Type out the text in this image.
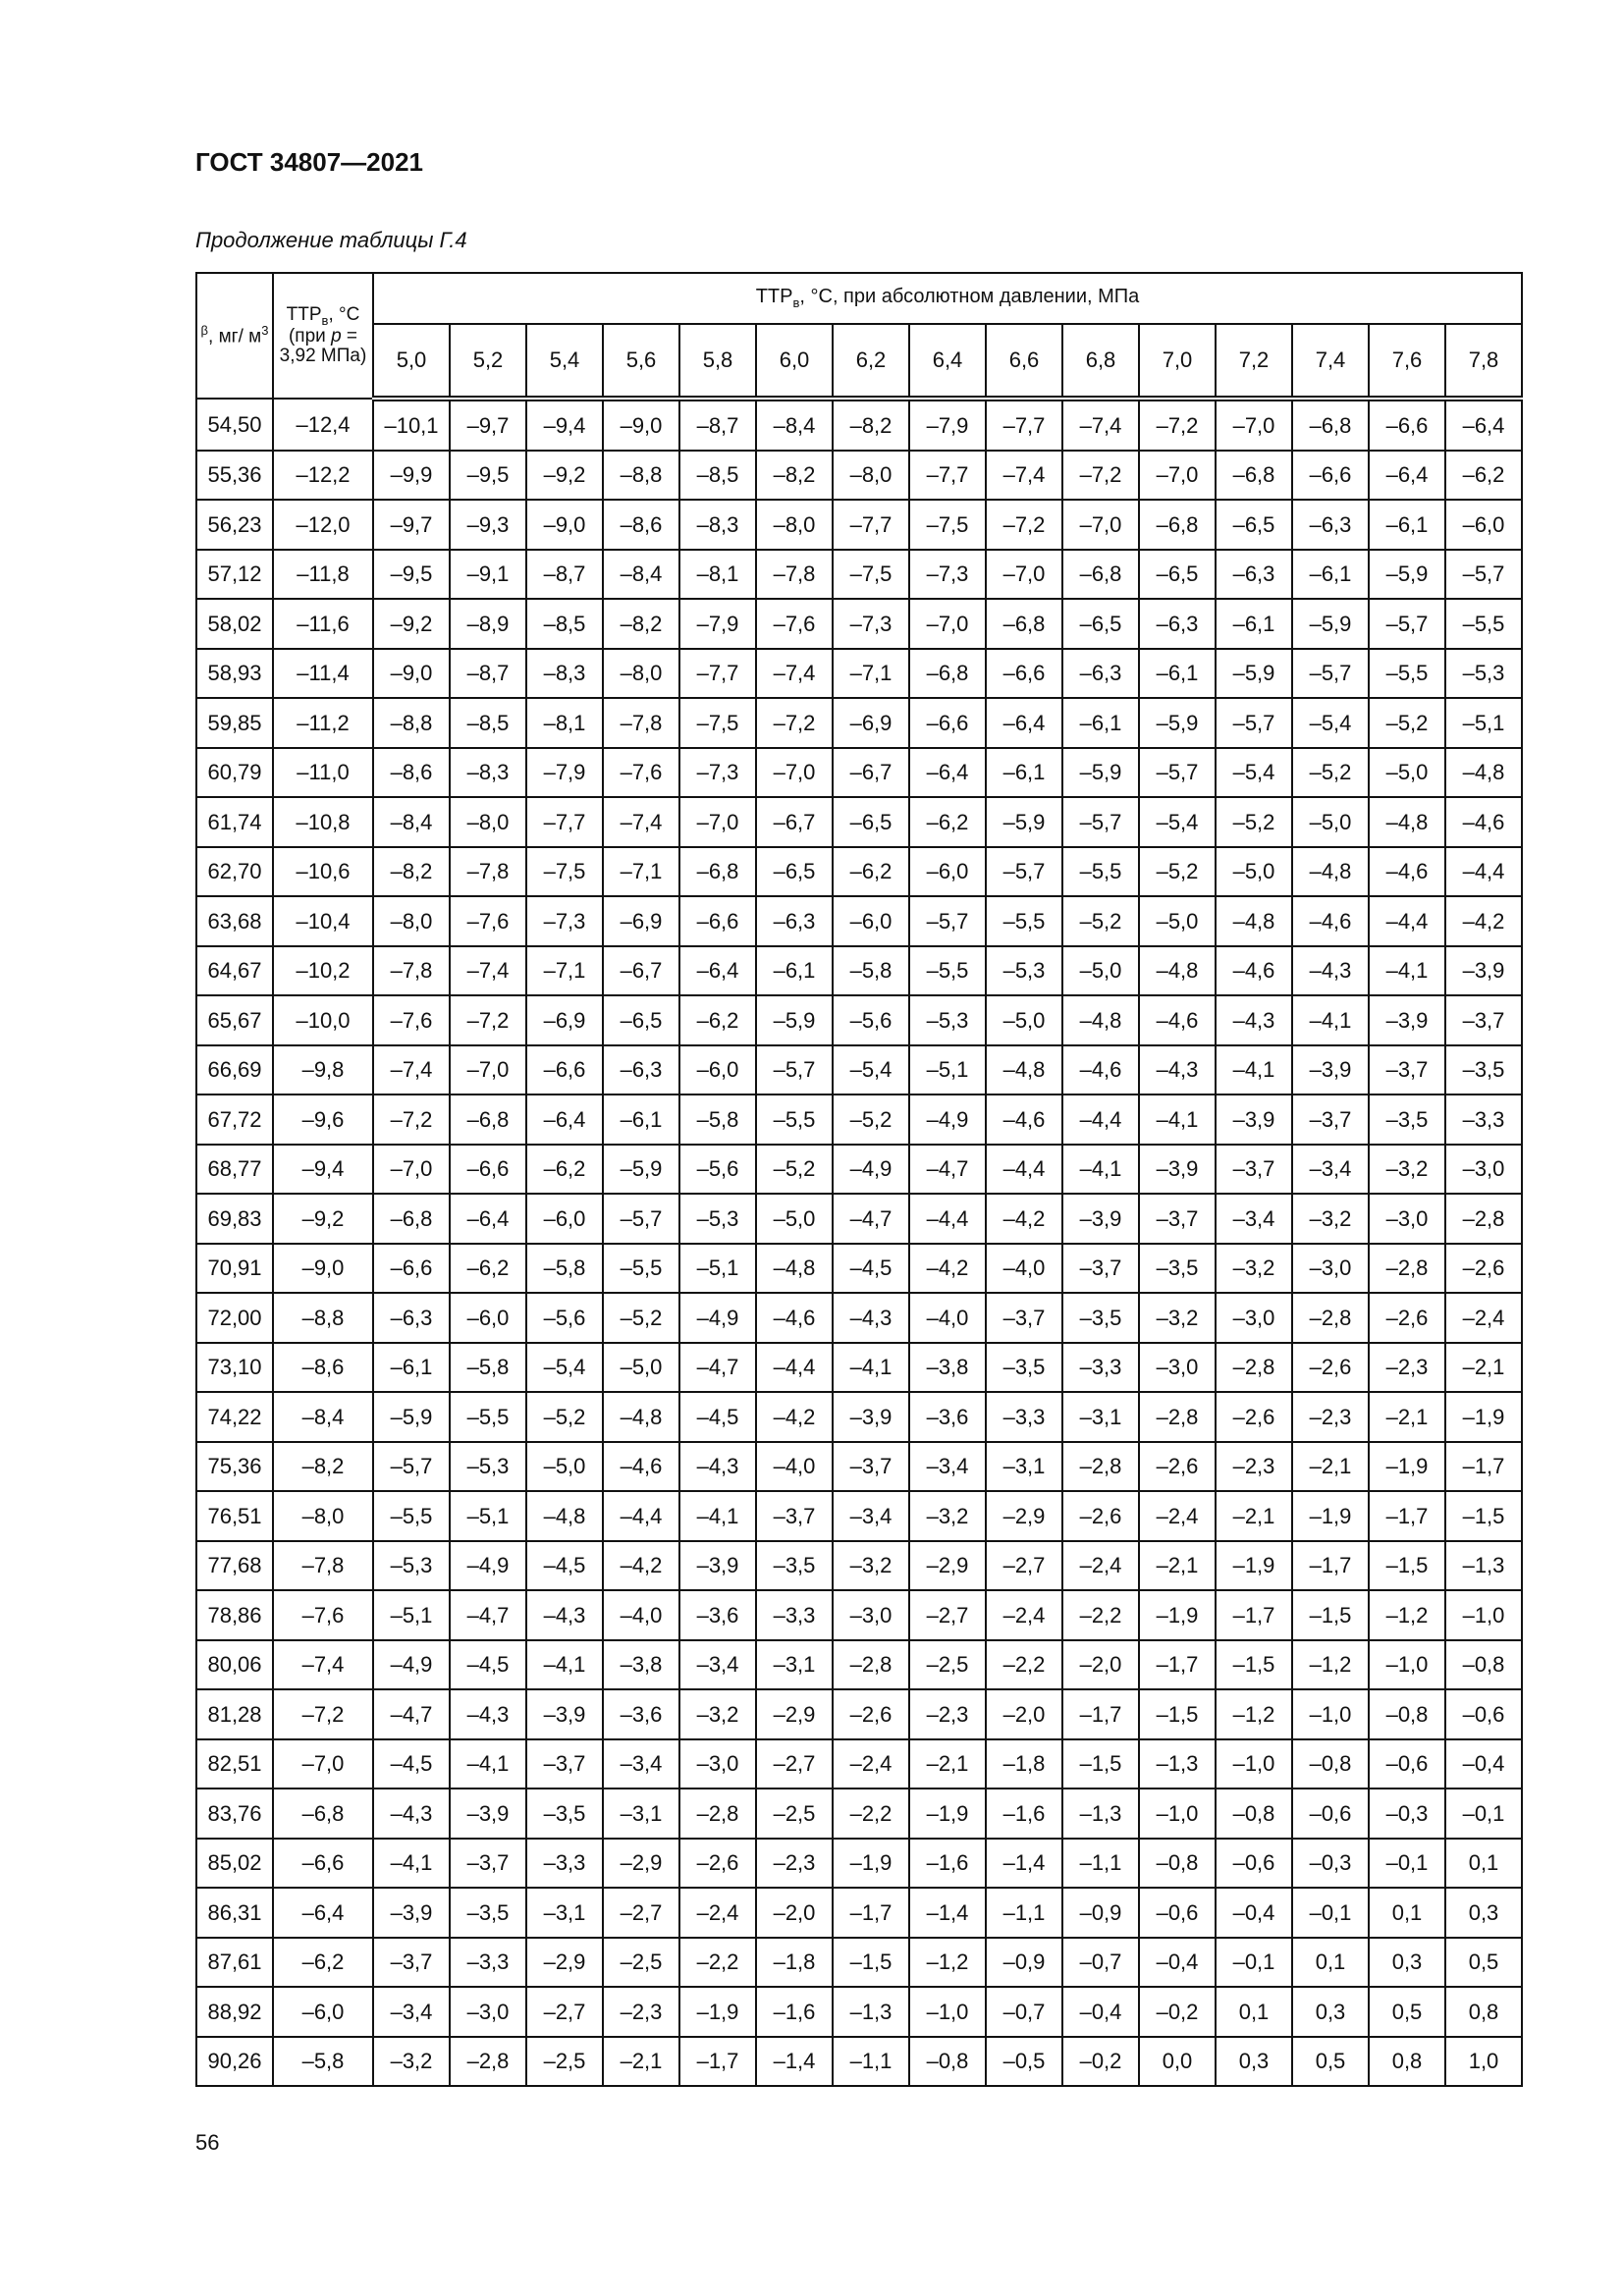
ГОСТ 34807—2021
Продолжение таблицы Г.4
$^\beta$, мг/ $м^3$	$ТТР_в$, °С (при p = 3,92 МПа)	$ТТР_в$, °С, при абсолютном давлении, МПа														
		5,0	5,2	5,4	5,6	5,8	6,0	6,2	6,4	6,6	6,8	7,0	7,2	7,4	7,6	7,8
54,50	–12,4	–10,1	–9,7	–9,4	–9,0	–8,7	–8,4	–8,2	–7,9	–7,7	–7,4	–7,2	–7,0	–6,8	–6,6	–6,4
55,36	–12,2	–9,9	–9,5	–9,2	–8,8	–8,5	–8,2	–8,0	–7,7	–7,4	–7,2	–7,0	–6,8	–6,6	–6,4	–6,2
56,23	–12,0	–9,7	–9,3	–9,0	–8,6	–8,3	–8,0	–7,7	–7,5	–7,2	–7,0	–6,8	–6,5	–6,3	–6,1	–6,0
57,12	–11,8	–9,5	–9,1	–8,7	–8,4	–8,1	–7,8	–7,5	–7,3	–7,0	–6,8	–6,5	–6,3	–6,1	–5,9	–5,7
58,02	–11,6	–9,2	–8,9	–8,5	–8,2	–7,9	–7,6	–7,3	–7,0	–6,8	–6,5	–6,3	–6,1	–5,9	–5,7	–5,5
58,93	–11,4	–9,0	–8,7	–8,3	–8,0	–7,7	–7,4	–7,1	–6,8	–6,6	–6,3	–6,1	–5,9	–5,7	–5,5	–5,3
59,85	–11,2	–8,8	–8,5	–8,1	–7,8	–7,5	–7,2	–6,9	–6,6	–6,4	–6,1	–5,9	–5,7	–5,4	–5,2	–5,1
60,79	–11,0	–8,6	–8,3	–7,9	–7,6	–7,3	–7,0	–6,7	–6,4	–6,1	–5,9	–5,7	–5,4	–5,2	–5,0	–4,8
61,74	–10,8	–8,4	–8,0	–7,7	–7,4	–7,0	–6,7	–6,5	–6,2	–5,9	–5,7	–5,4	–5,2	–5,0	–4,8	–4,6
62,70	–10,6	–8,2	–7,8	–7,5	–7,1	–6,8	–6,5	–6,2	–6,0	–5,7	–5,5	–5,2	–5,0	–4,8	–4,6	–4,4
63,68	–10,4	–8,0	–7,6	–7,3	–6,9	–6,6	–6,3	–6,0	–5,7	–5,5	–5,2	–5,0	–4,8	–4,6	–4,4	–4,2
64,67	–10,2	–7,8	–7,4	–7,1	–6,7	–6,4	–6,1	–5,8	–5,5	–5,3	–5,0	–4,8	–4,6	–4,3	–4,1	–3,9
65,67	–10,0	–7,6	–7,2	–6,9	–6,5	–6,2	–5,9	–5,6	–5,3	–5,0	–4,8	–4,6	–4,3	–4,1	–3,9	–3,7
66,69	–9,8	–7,4	–7,0	–6,6	–6,3	–6,0	–5,7	–5,4	–5,1	–4,8	–4,6	–4,3	–4,1	–3,9	–3,7	–3,5
67,72	–9,6	–7,2	–6,8	–6,4	–6,1	–5,8	–5,5	–5,2	–4,9	–4,6	–4,4	–4,1	–3,9	–3,7	–3,5	–3,3
68,77	–9,4	–7,0	–6,6	–6,2	–5,9	–5,6	–5,2	–4,9	–4,7	–4,4	–4,1	–3,9	–3,7	–3,4	–3,2	–3,0
69,83	–9,2	–6,8	–6,4	–6,0	–5,7	–5,3	–5,0	–4,7	–4,4	–4,2	–3,9	–3,7	–3,4	–3,2	–3,0	–2,8
70,91	–9,0	–6,6	–6,2	–5,8	–5,5	–5,1	–4,8	–4,5	–4,2	–4,0	–3,7	–3,5	–3,2	–3,0	–2,8	–2,6
72,00	–8,8	–6,3	–6,0	–5,6	–5,2	–4,9	–4,6	–4,3	–4,0	–3,7	–3,5	–3,2	–3,0	–2,8	–2,6	–2,4
73,10	–8,6	–6,1	–5,8	–5,4	–5,0	–4,7	–4,4	–4,1	–3,8	–3,5	–3,3	–3,0	–2,8	–2,6	–2,3	–2,1
74,22	–8,4	–5,9	–5,5	–5,2	–4,8	–4,5	–4,2	–3,9	–3,6	–3,3	–3,1	–2,8	–2,6	–2,3	–2,1	–1,9
75,36	–8,2	–5,7	–5,3	–5,0	–4,6	–4,3	–4,0	–3,7	–3,4	–3,1	–2,8	–2,6	–2,3	–2,1	–1,9	–1,7
76,51	–8,0	–5,5	–5,1	–4,8	–4,4	–4,1	–3,7	–3,4	–3,2	–2,9	–2,6	–2,4	–2,1	–1,9	–1,7	–1,5
77,68	–7,8	–5,3	–4,9	–4,5	–4,2	–3,9	–3,5	–3,2	–2,9	–2,7	–2,4	–2,1	–1,9	–1,7	–1,5	–1,3
78,86	–7,6	–5,1	–4,7	–4,3	–4,0	–3,6	–3,3	–3,0	–2,7	–2,4	–2,2	–1,9	–1,7	–1,5	–1,2	–1,0
80,06	–7,4	–4,9	–4,5	–4,1	–3,8	–3,4	–3,1	–2,8	–2,5	–2,2	–2,0	–1,7	–1,5	–1,2	–1,0	–0,8
81,28	–7,2	–4,7	–4,3	–3,9	–3,6	–3,2	–2,9	–2,6	–2,3	–2,0	–1,7	–1,5	–1,2	–1,0	–0,8	–0,6
82,51	–7,0	–4,5	–4,1	–3,7	–3,4	–3,0	–2,7	–2,4	–2,1	–1,8	–1,5	–1,3	–1,0	–0,8	–0,6	–0,4
83,76	–6,8	–4,3	–3,9	–3,5	–3,1	–2,8	–2,5	–2,2	–1,9	–1,6	–1,3	–1,0	–0,8	–0,6	–0,3	–0,1
85,02	–6,6	–4,1	–3,7	–3,3	–2,9	–2,6	–2,3	–1,9	–1,6	–1,4	–1,1	–0,8	–0,6	–0,3	–0,1	0,1
86,31	–6,4	–3,9	–3,5	–3,1	–2,7	–2,4	–2,0	–1,7	–1,4	–1,1	–0,9	–0,6	–0,4	–0,1	0,1	0,3
87,61	–6,2	–3,7	–3,3	–2,9	–2,5	–2,2	–1,8	–1,5	–1,2	–0,9	–0,7	–0,4	–0,1	0,1	0,3	0,5
88,92	–6,0	–3,4	–3,0	–2,7	–2,3	–1,9	–1,6	–1,3	–1,0	–0,7	–0,4	–0,2	0,1	0,3	0,5	0,8
90,26	–5,8	–3,2	–2,8	–2,5	–2,1	–1,7	–1,4	–1,1	–0,8	–0,5	–0,2	0,0	0,3	0,5	0,8	1,0
56
